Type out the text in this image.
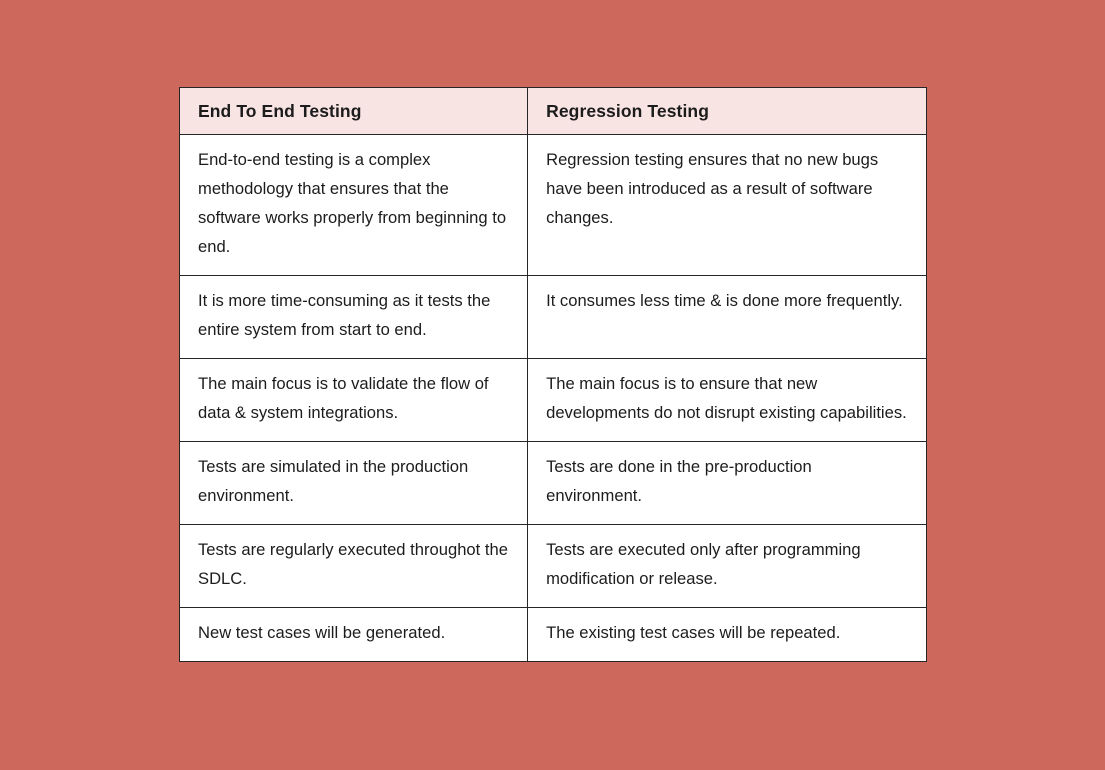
End To End Testing	Regression Testing
End-to-end testing is a complex methodology that ensures that the software works properly from beginning to end.	Regression testing ensures that no new bugs have been introduced as a result of software changes.
It is more time-consuming as it tests the entire system from start to end.	It consumes less time & is done more frequently.
The main focus is to validate the flow of data & system integrations.	The main focus is to ensure that new developments do not disrupt existing capabilities.
Tests are simulated in the production environment.	Tests are done in the pre-production environment.
Tests are regularly executed throughot the SDLC.	Tests are executed only after programming modification or release.
New test cases will be generated.	The existing test cases will be repeated.
